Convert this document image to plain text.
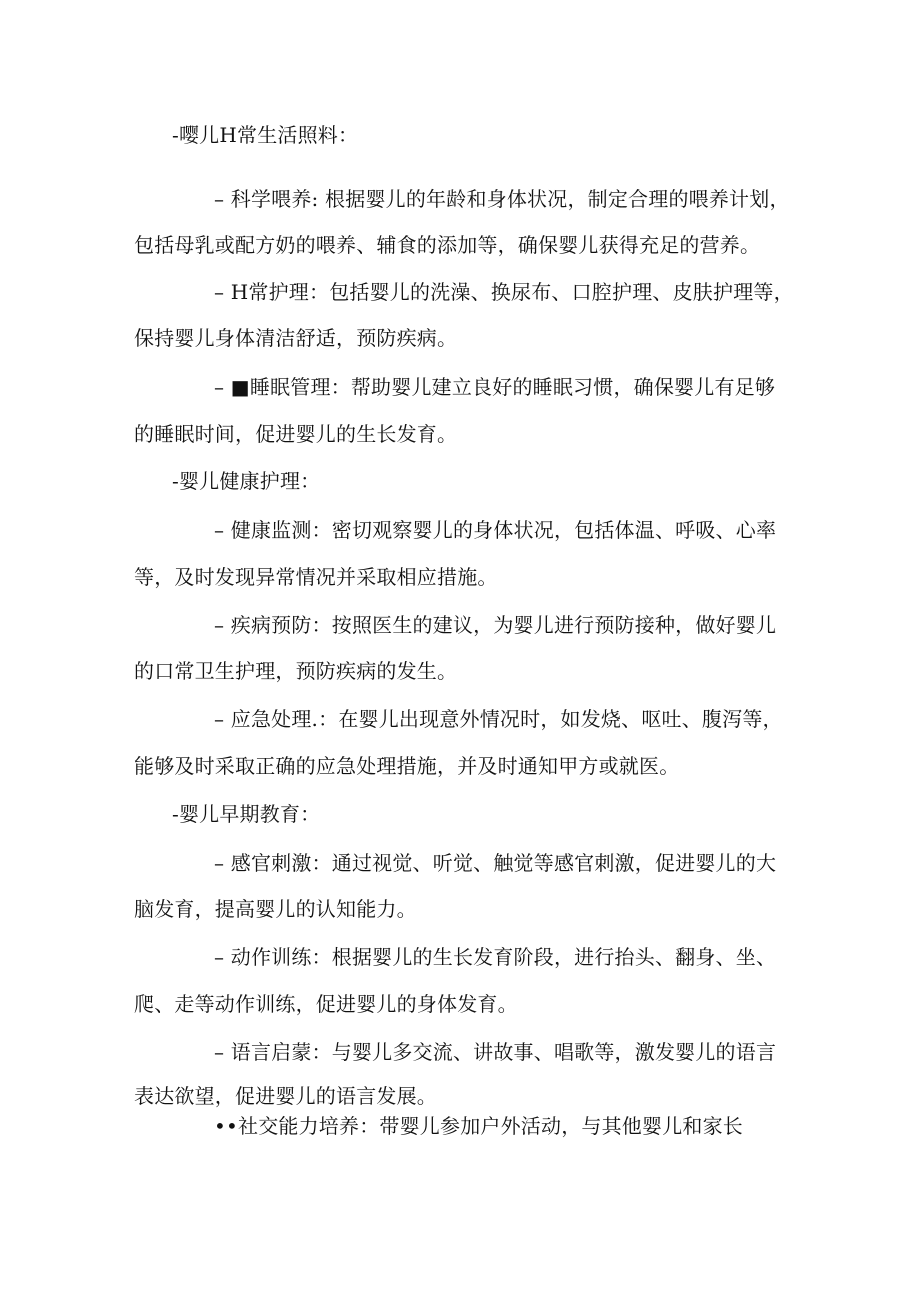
-嘤儿H常生活照料：
– 科学喂养: 根据婴儿的年龄和身体状况，制定合理的喂养计划，
包括母乳或配方奶的喂养、辅食的添加等，确保婴儿获得充足的营养。
– H常护理：包括婴儿的洗澡、换尿布、口腔护理、皮肤护理等，
保持婴儿身体清洁舒适，预防疾病。
– ■睡眠管理：帮助婴儿建立良好的睡眠习惯，确保婴儿有足够
的睡眠时间，促进婴儿的生长发育。
-婴儿健康护理：
– 健康监测：密切观察婴儿的身体状况，包括体温、呼吸、心率
等，及时发现异常情况并采取相应措施。
– 疾病预防：按照医生的建议，为婴儿进行预防接种，做好婴儿
的口常卫生护理，预防疾病的发生。
– 应急处理.：在婴儿出现意外情况时，如发烧、呕吐、腹泻等，
能够及时采取正确的应急处理措施，并及时通知甲方或就医。
-婴儿早期教育：
– 感官刺激：通过视觉、听觉、触觉等感官刺激，促进婴儿的大
脑发育，提高婴儿的认知能力。
– 动作训练：根据婴儿的生长发育阶段，进行抬头、翻身、坐、
爬、走等动作训练，促进婴儿的身体发育。
– 语言启蒙：与婴儿多交流、讲故事、唱歌等，激发婴儿的语言
表达欲望，促进婴儿的语言发展。
••社交能力培养：带婴儿参加户外活动，与其他婴儿和家长
